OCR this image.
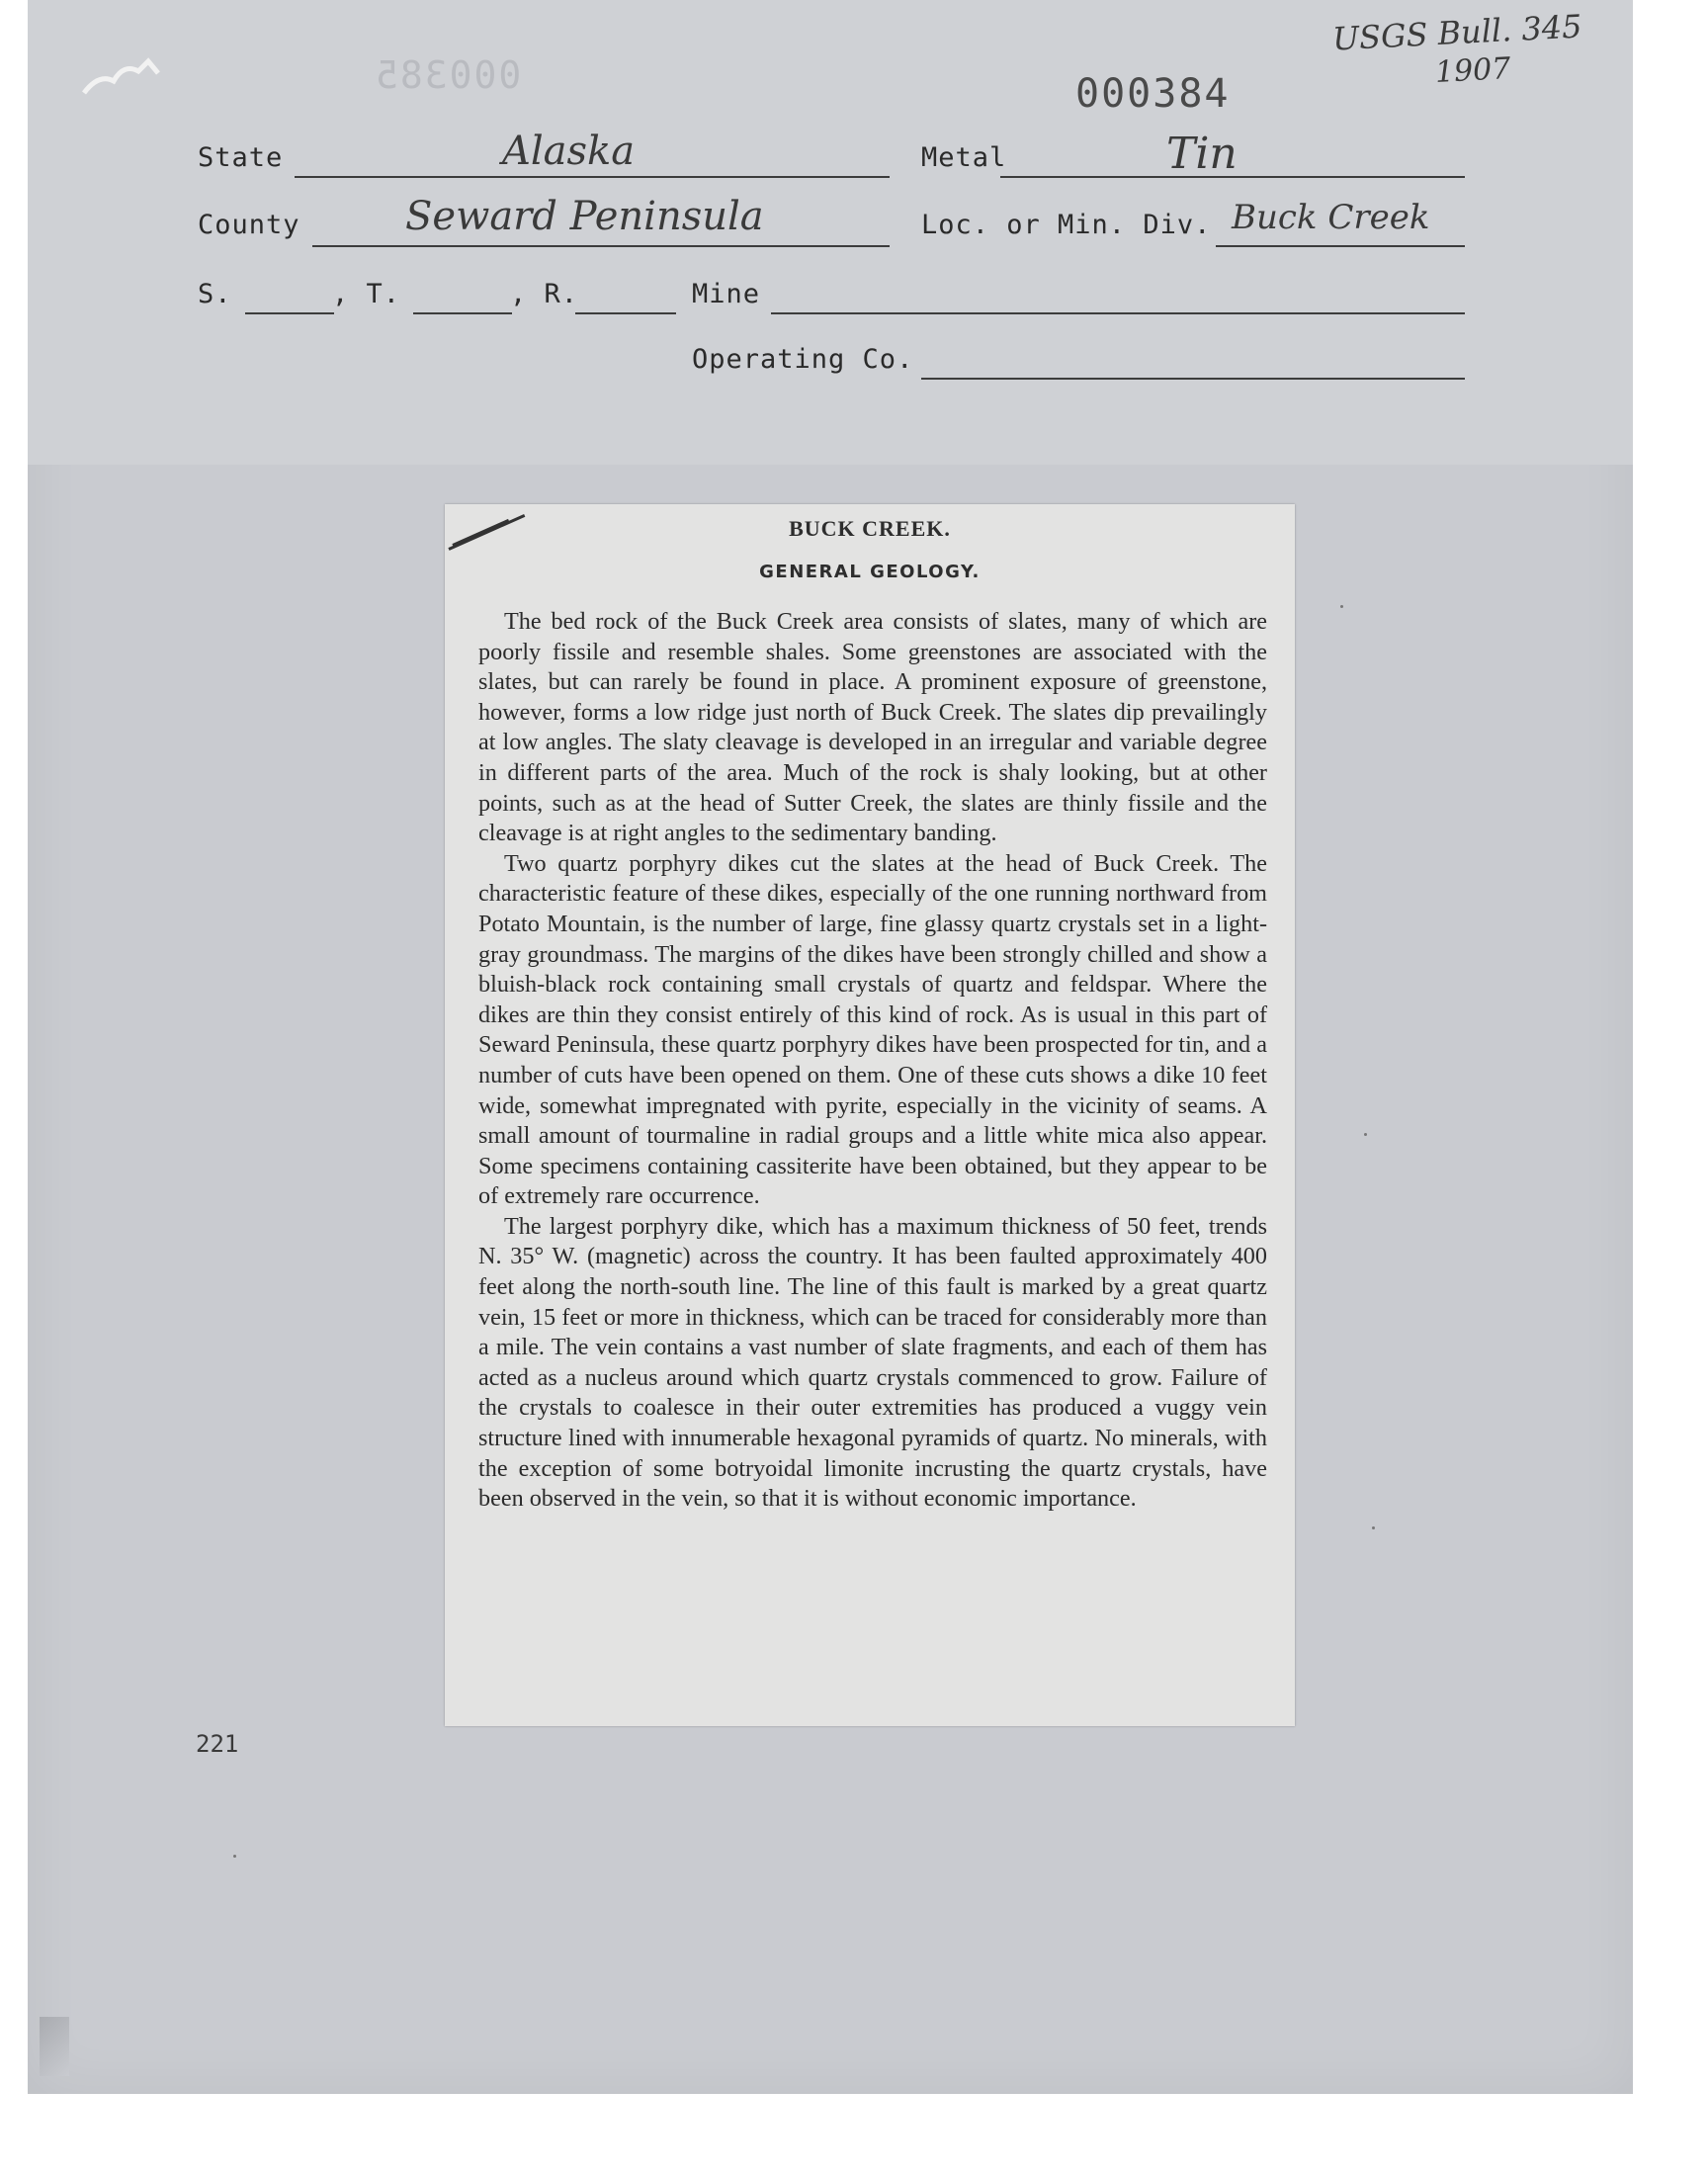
USGS Bull. 345
1907
000385	000384
State	Alaska	Metal	Tin
County	Seward Peninsula	Loc. or Min. Div. Buck Creek
S.	, T.	, R.	Mine
Operating Co.
BUCK CREEK.
GENERAL GEOLOGY.

The bed rock of the Buck Creek area consists of slates, many of which are poorly fissile and resemble shales. Some greenstones are associated with the slates, but can rarely be found in place. A prominent exposure of greenstone, however, forms a low ridge just north of Buck Creek. The slates dip prevailingly at low angles. The slaty cleavage is developed in an irregular and variable degree in different parts of the area. Much of the rock is shaly looking, but at other points, such as at the head of Sutter Creek, the slates are thinly fissile and the cleavage is at right angles to the sedimentary banding.

Two quartz porphyry dikes cut the slates at the head of Buck Creek. The characteristic feature of these dikes, especially of the one running northward from Potato Mountain, is the number of large, fine glassy quartz crystals set in a light-gray groundmass. The margins of the dikes have been strongly chilled and show a bluish-black rock containing small crystals of quartz and feldspar. Where the dikes are thin they consist entirely of this kind of rock. As is usual in this part of Seward Peninsula, these quartz porphyry dikes have been prospected for tin, and a number of cuts have been opened on them. One of these cuts shows a dike 10 feet wide, somewhat impregnated with pyrite, especially in the vicinity of seams. A small amount of tourmaline in radial groups and a little white mica also appear. Some specimens containing cassiterite have been obtained, but they appear to be of extremely rare occurrence.

The largest porphyry dike, which has a maximum thickness of 50 feet, trends N. 35° W. (magnetic) across the country. It has been faulted approximately 400 feet along the north-south line. The line of this fault is marked by a great quartz vein, 15 feet or more in thickness, which can be traced for considerably more than a mile. The vein contains a vast number of slate fragments, and each of them has acted as a nucleus around which quartz crystals commenced to grow. Failure of the crystals to coalesce in their outer extremities has produced a vuggy vein structure lined with innumerable hexagonal pyramids of quartz. No minerals, with the exception of some botryoidal limonite incrusting the quartz crystals, have been observed in the vein, so that it is without economic importance.

221
